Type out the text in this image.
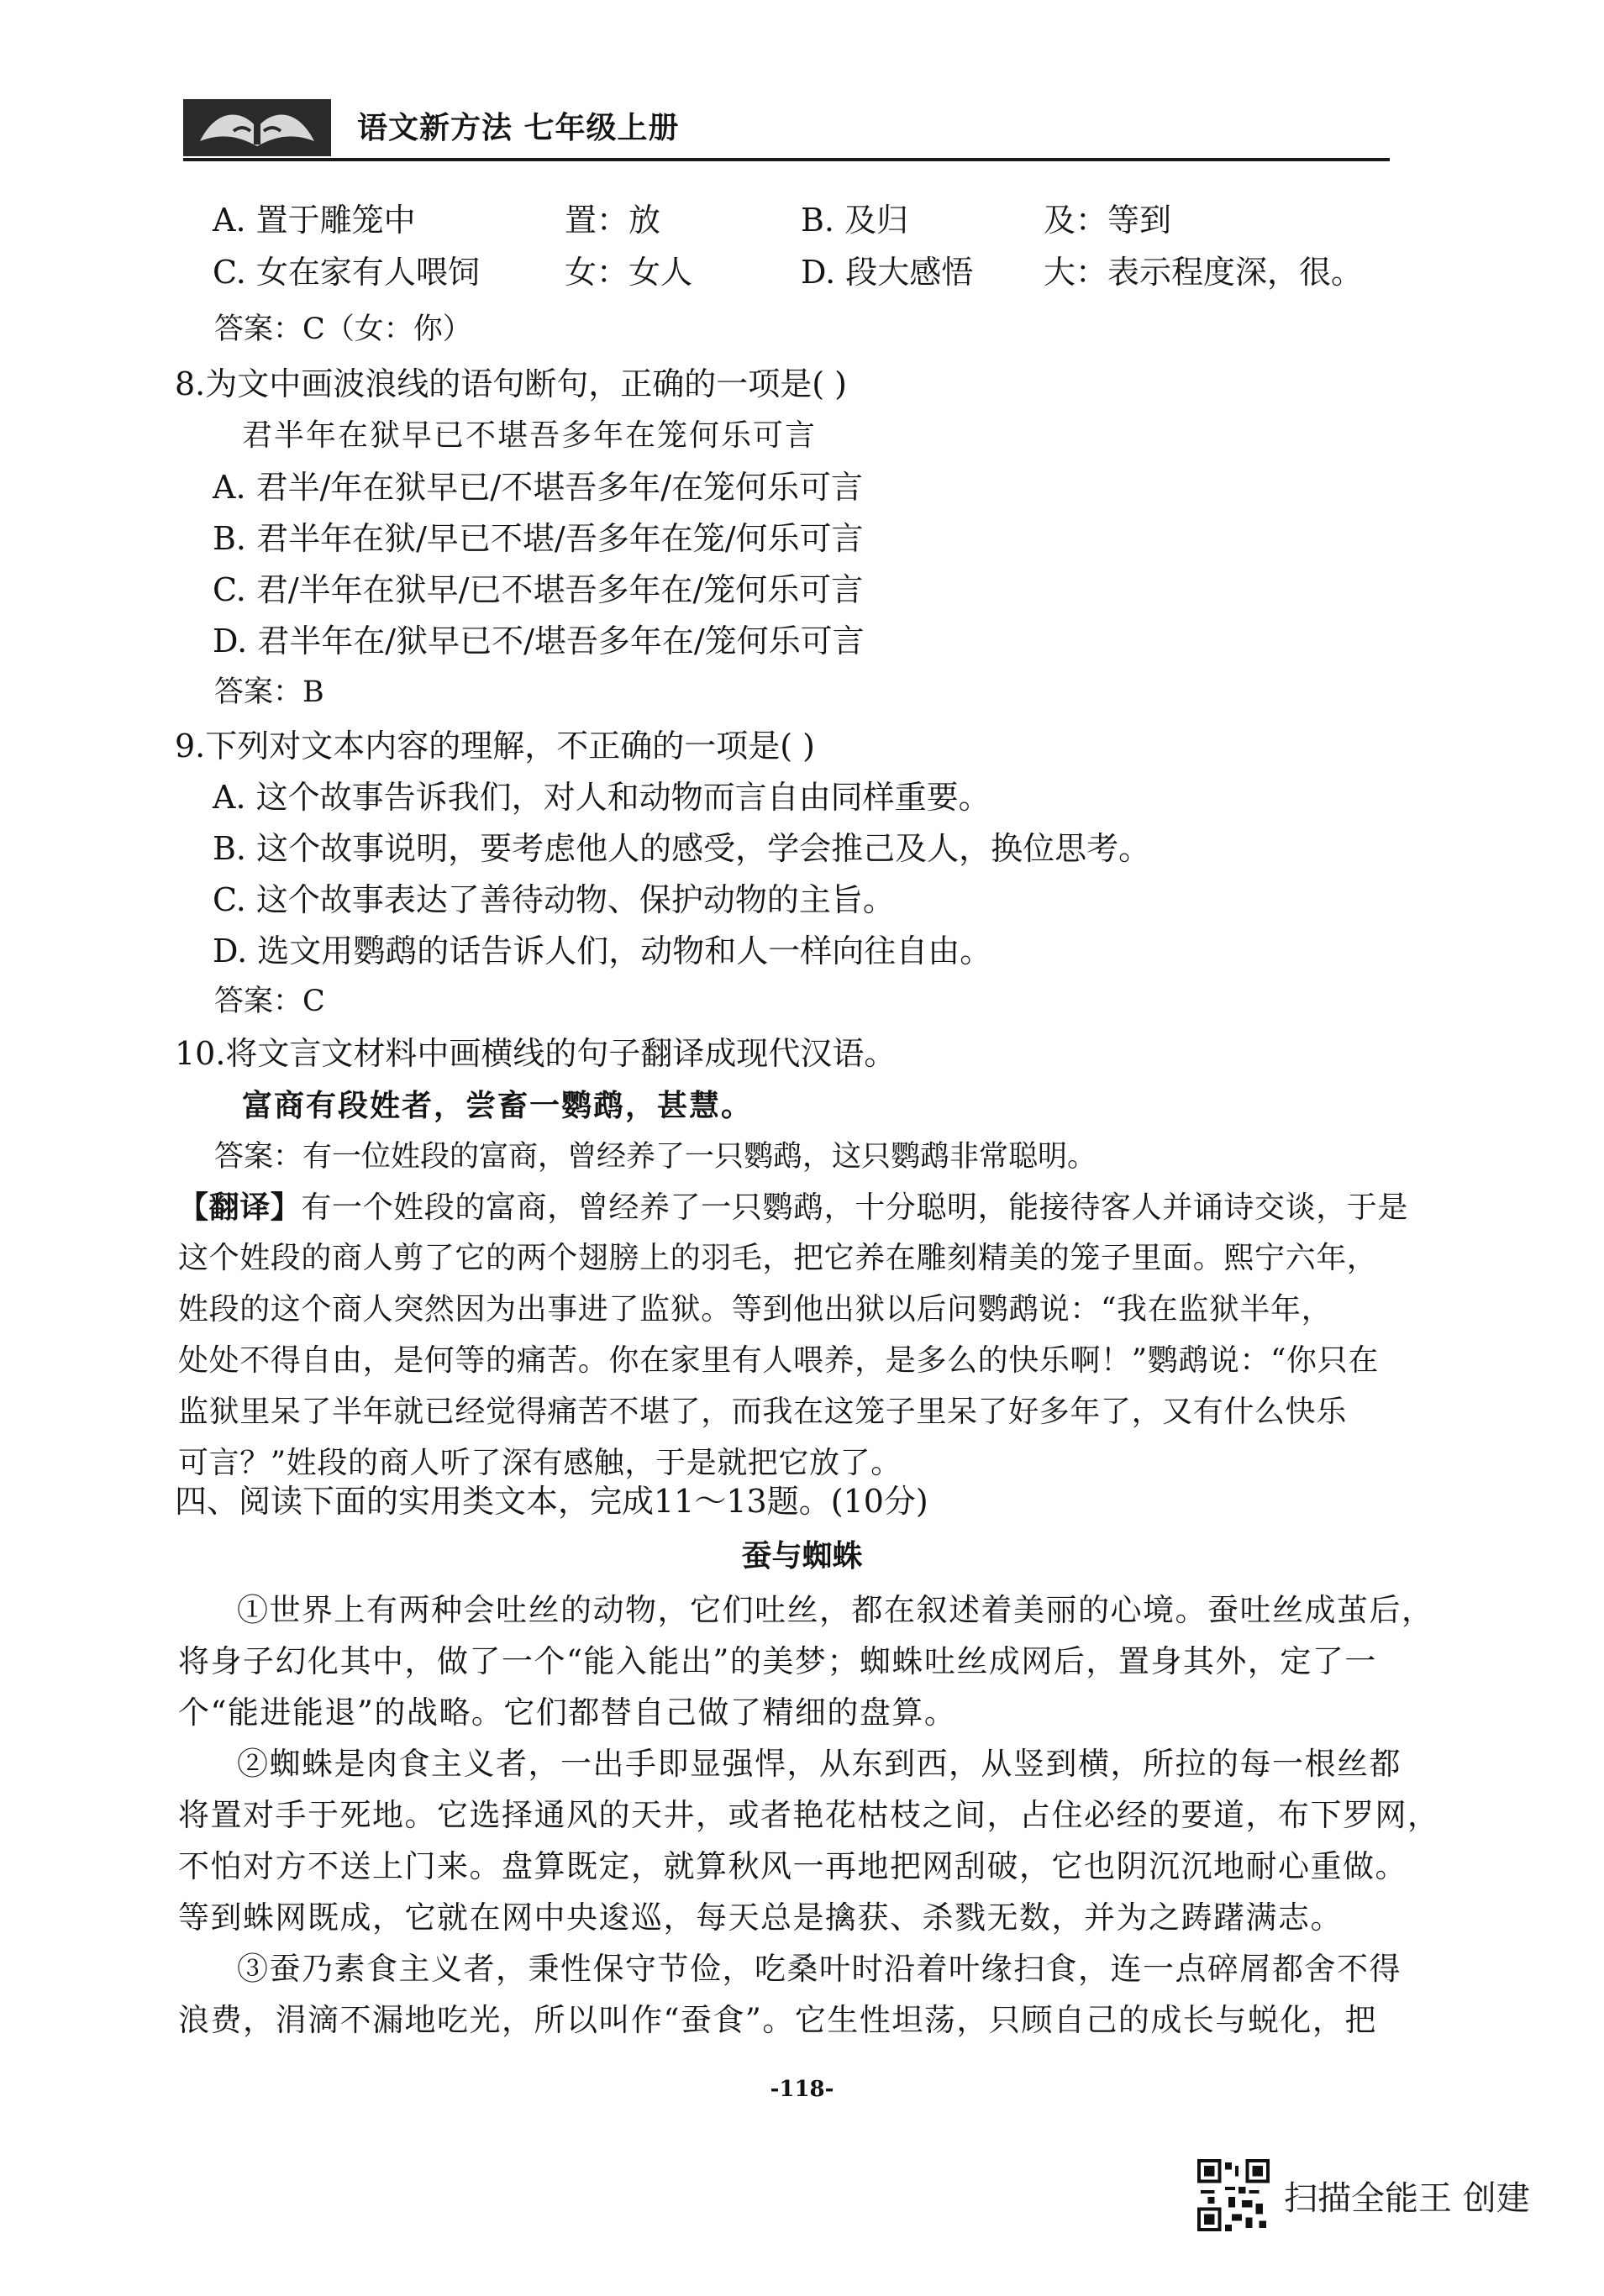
语文新方法 七年级上册
A. 置于雕笼中	置：放	B. 及归	及：等到
C. 女在家有人喂饲	女：女人	D. 段大感悟 大：表示程度深，很。
答案：C（女：你）
8.为文中画波浪线的语句断句，正确的一项是( )
君半年在狱早已不堪吾多年在笼何乐可言
A. 君半/年在狱早已/不堪吾多年/在笼何乐可言
B. 君半年在狱/早已不堪/吾多年在笼/何乐可言
C. 君/半年在狱早/已不堪吾多年在/笼何乐可言
D. 君半年在/狱早已不/堪吾多年在/笼何乐可言
答案：B
9.下列对文本内容的理解，不正确的一项是( )
A. 这个故事告诉我们，对人和动物而言自由同样重要。
B. 这个故事说明，要考虑他人的感受，学会推己及人，换位思考。
C. 这个故事表达了善待动物、保护动物的主旨。
D. 选文用鹦鹉的话告诉人们，动物和人一样向往自由。
答案：C
10.将文言文材料中画横线的句子翻译成现代汉语。
富商有段姓者，尝畜一鹦鹉，甚慧。
答案：有一位姓段的富商，曾经养了一只鹦鹉，这只鹦鹉非常聪明。
【翻译】有一个姓段的富商，曾经养了一只鹦鹉，十分聪明，能接待客人并诵诗交谈，于是
这个姓段的商人剪了它的两个翅膀上的羽毛，把它养在雕刻精美的笼子里面。熙宁六年，
姓段的这个商人突然因为出事进了监狱。等到他出狱以后问鹦鹉说：“我在监狱半年，
处处不得自由，是何等的痛苦。你在家里有人喂养，是多么的快乐啊！”鹦鹉说：“你只在
监狱里呆了半年就已经觉得痛苦不堪了，而我在这笼子里呆了好多年了，又有什么快乐
可言？”姓段的商人听了深有感触，于是就把它放了。
四、阅读下面的实用类文本，完成11～13题。(10分)
蚕与蜘蛛
①世界上有两种会吐丝的动物，它们吐丝，都在叙述着美丽的心境。蚕吐丝成茧后，
将身子幻化其中，做了一个“能入能出”的美梦；蜘蛛吐丝成网后，置身其外，定了一
个“能进能退”的战略。它们都替自己做了精细的盘算。
②蜘蛛是肉食主义者，一出手即显强悍，从东到西，从竖到横，所拉的每一根丝都
将置对手于死地。它选择通风的天井，或者艳花枯枝之间，占住必经的要道，布下罗网，
不怕对方不送上门来。盘算既定，就算秋风一再地把网刮破，它也阴沉沉地耐心重做。
等到蛛网既成，它就在网中央逡巡，每天总是擒获、杀戮无数，并为之踌躇满志。
③蚕乃素食主义者，秉性保守节俭，吃桑叶时沿着叶缘扫食，连一点碎屑都舍不得
浪费，涓滴不漏地吃光，所以叫作“蚕食”。它生性坦荡，只顾自己的成长与蜕化，把
-118-
扫描全能王 创建
